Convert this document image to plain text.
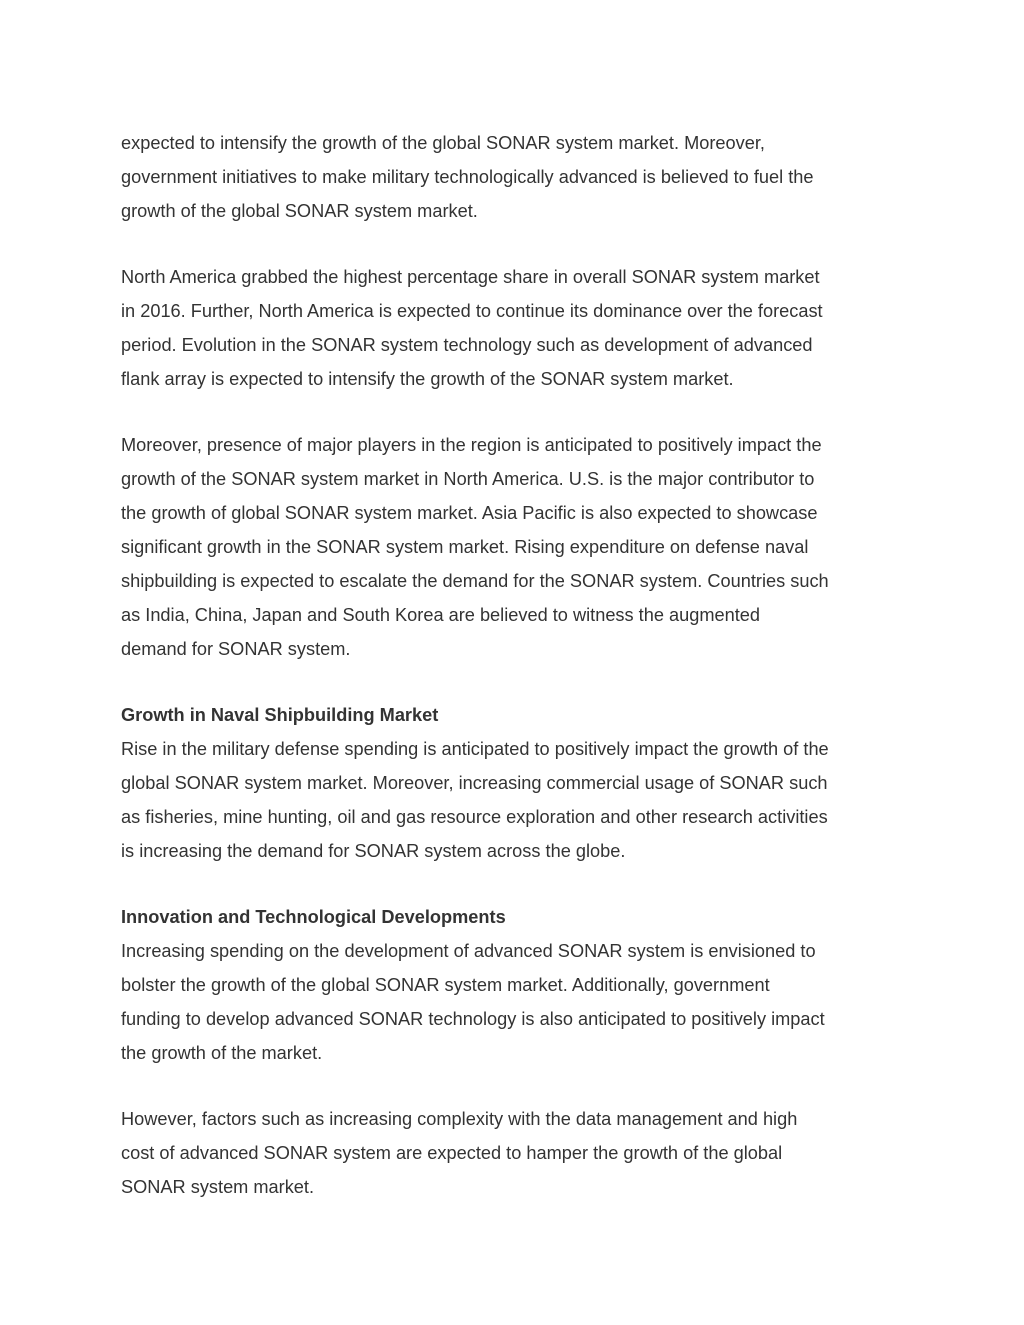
expected to intensify the growth of the global SONAR system market. Moreover,
government initiatives to make military technologically advanced is believed to fuel the
growth of the global SONAR system market.

North America grabbed the highest percentage share in overall SONAR system market
in 2016. Further, North America is expected to continue its dominance over the forecast
period. Evolution in the SONAR system technology such as development of advanced
flank array is expected to intensify the growth of the SONAR system market.

Moreover, presence of major players in the region is anticipated to positively impact the
growth of the SONAR system market in North America. U.S. is the major contributor to
the growth of global SONAR system market. Asia Pacific is also expected to showcase
significant growth in the SONAR system market. Rising expenditure on defense naval
shipbuilding is expected to escalate the demand for the SONAR system. Countries such
as India, China, Japan and South Korea are believed to witness the augmented
demand for SONAR system.

Growth in Naval Shipbuilding Market
Rise in the military defense spending is anticipated to positively impact the growth of the
global SONAR system market. Moreover, increasing commercial usage of SONAR such
as fisheries, mine hunting, oil and gas resource exploration and other research activities
is increasing the demand for SONAR system across the globe.
Innovation and Technological Developments
Increasing spending on the development of advanced SONAR system is envisioned to
bolster the growth of the global SONAR system market. Additionally, government
funding to develop advanced SONAR technology is also anticipated to positively impact
the growth of the market.

However, factors such as increasing complexity with the data management and high
cost of advanced SONAR system are expected to hamper the growth of the global
SONAR system market.
